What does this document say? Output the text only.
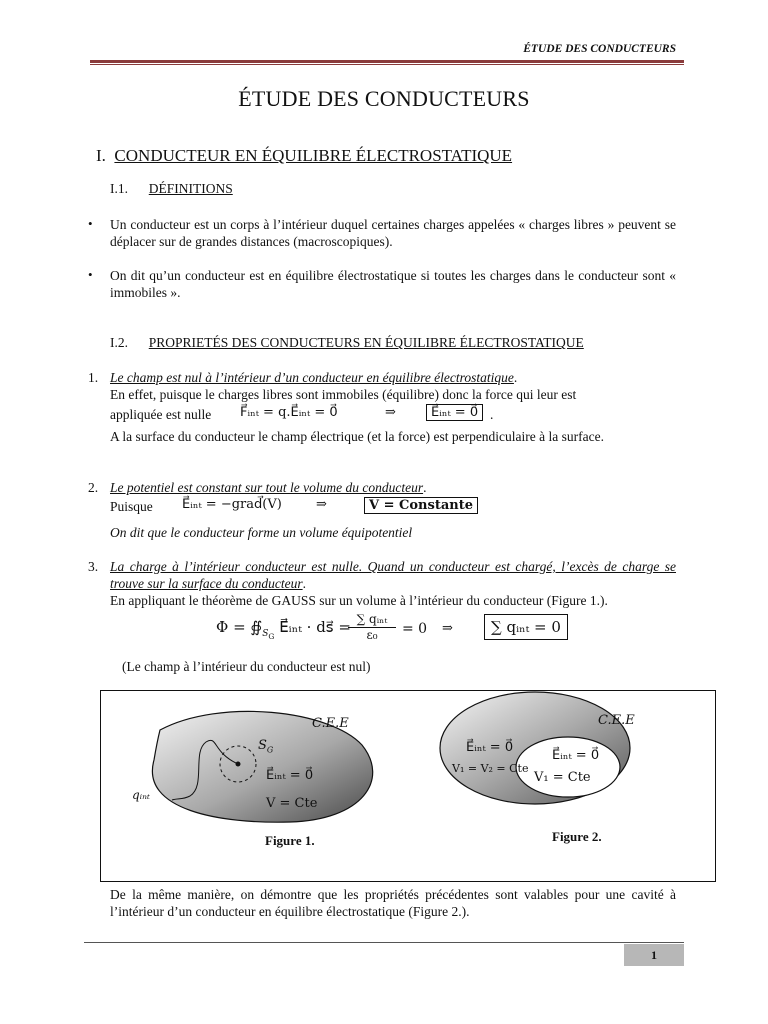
ÉTUDE DES CONDUCTEURS
ÉTUDE DES CONDUCTEURS
I. CONDUCTEUR EN ÉQUILIBRE ÉLECTROSTATIQUE
I.1. DÉFINITIONS
• Un conducteur est un corps à l’intérieur duquel certaines charges appelées « charges libres » peuvent se déplacer sur de grandes distances (macroscopiques).
• On dit qu’un conducteur est en équilibre électrostatique si toutes les charges dans le conducteur sont « immobiles ».
I.2. PROPRIETÉS DES CONDUCTEURS EN ÉQUILIBRE ÉLECTROSTATIQUE
1. Le champ est nul à l’intérieur d’un conducteur en équilibre électrostatique.
En effet, puisque le charges libres sont immobiles (équilibre) donc la force qui leur est
appliquée est nulle F⃗ᵢₙₜ = q.E⃗ᵢₙₜ = 0⃗	⇒	E⃗ᵢₙₜ = 0⃗ .
A la surface du conducteur le champ électrique (et la force) est perpendiculaire à la surface.
2. Le potentiel est constant sur tout le volume du conducteur.
Puisque E⃗ᵢₙₜ = −grad⃗(V)	⇒	V = Constante
On dit que le conducteur forme un volume équipotentiel
3. La charge à l’intérieur conducteur est nulle. Quand un conducteur est chargé, l’excès de charge se trouve sur la surface du conducteur.
En appliquant le théorème de GAUSS sur un volume à l’intérieur du conducteur (Figure 1.).
$\Phi = ∯_{S_G}$ E⃗ᵢₙₜ · ds⃗ = ∑ qᵢₙₜ
ε₀	= 0 ⇒	∑ qᵢₙₜ = 0
(Le champ à l’intérieur du conducteur est nul)
C.E.E
$S_G$
E⃗ᵢₙₜ = 0⃗
V = Cte
qᵢₙₜ
Figure 1.
C.E.E
E⃗ᵢₙₜ = 0⃗
V₁ = V₂ = Cte
E⃗ᵢₙₜ = 0⃗
V₁ = Cte
Figure 2.
De la même manière, on démontre que les propriétés précédentes sont valables pour une cavité à l’intérieur d’un conducteur en équilibre électrostatique (Figure 2.).
1
